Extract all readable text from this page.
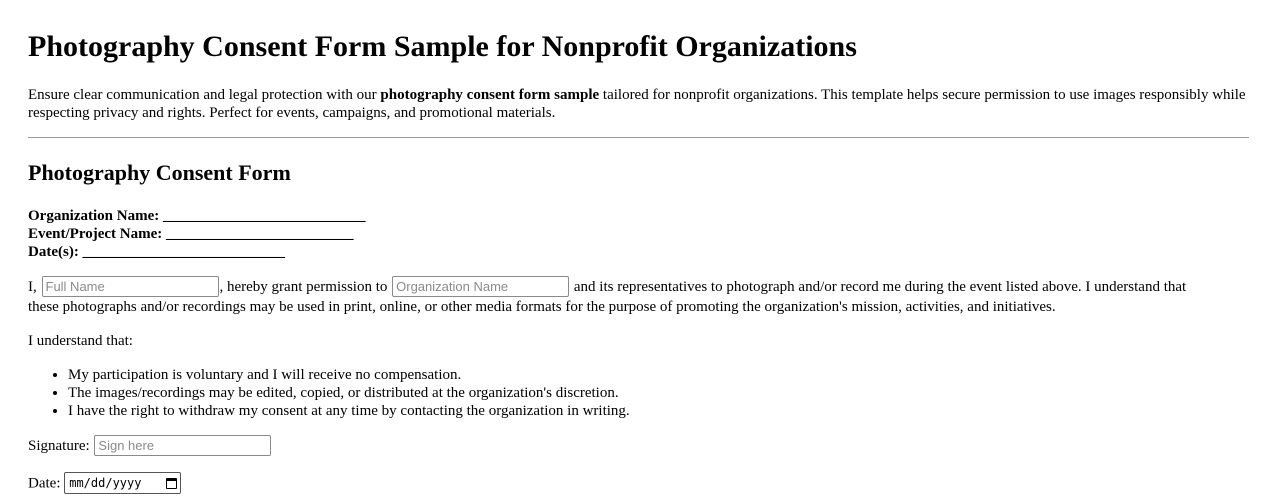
Photography Consent Form Sample for Nonprofit Organizations

Ensure clear communication and legal protection with our photography consent form sample tailored for nonprofit organizations. This template helps secure permission to use images responsibly while respecting privacy and rights. Perfect for events, campaigns, and promotional materials.

Photography Consent Form
Organization Name: ___________________________
Event/Project Name: _________________________
Date(s): ___________________________

I, Full Name	, hereby grant permission to Organization Name	and its representatives to photograph and/or record me during the event listed above. I understand that
these photographs and/or recordings may be used in print, online, or other media formats for the purpose of promoting the organization's mission, activities, and initiatives.

I understand that:

• My participation is voluntary and I will receive no compensation.
• The images/recordings may be edited, copied, or distributed at the organization's discretion.
• I have the right to withdraw my consent at any time by contacting the organization in writing.

Signature: Sign here

Date: mm/dd/yyyy
